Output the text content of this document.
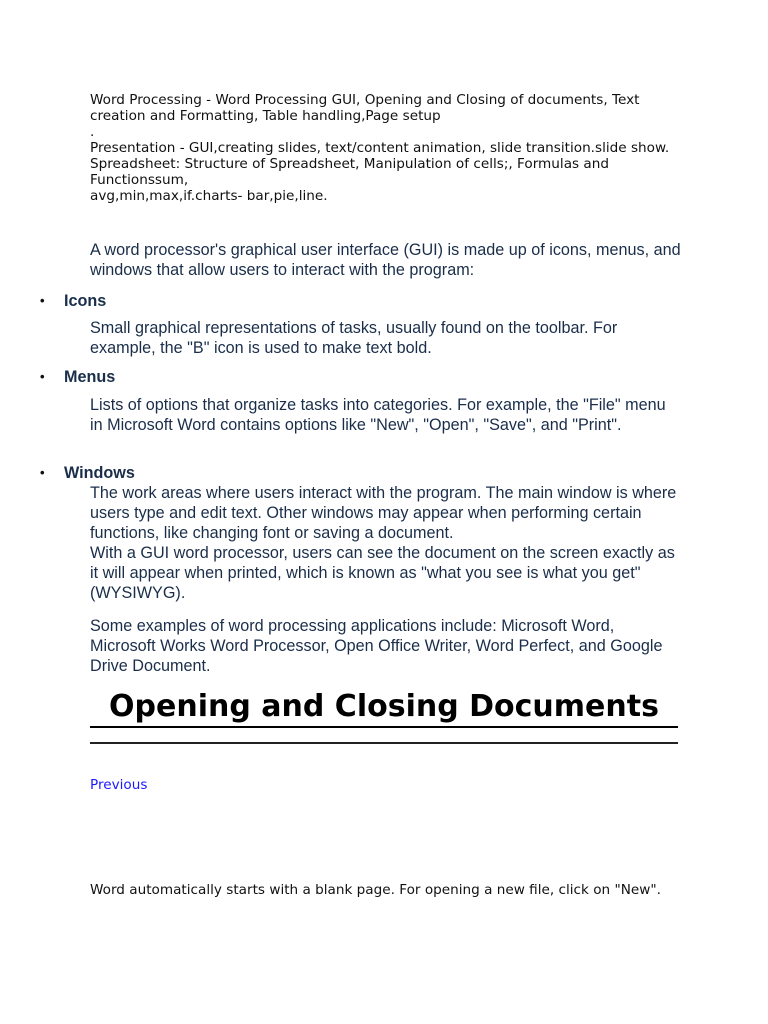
Word Processing - Word Processing GUI, Opening and Closing of documents, Text creation and Formatting, Table handling,Page setup
.
Presentation - GUI,creating slides, text/content animation, slide transition.slide show.
Spreadsheet: Structure of Spreadsheet, Manipulation of cells;, Formulas and Functionssum,
avg,min,max,if.charts- bar,pie,line.
A word processor's graphical user interface (GUI) is made up of icons, menus, and windows that allow users to interact with the program:
• Icons
Small graphical representations of tasks, usually found on the toolbar. For example, the "B" icon is used to make text bold.
• Menus
Lists of options that organize tasks into categories. For example, the "File" menu in Microsoft Word contains options like "New", "Open", "Save", and "Print".
• Windows
The work areas where users interact with the program. The main window is where users type and edit text. Other windows may appear when performing certain functions, like changing font or saving a document.
With a GUI word processor, users can see the document on the screen exactly as it will appear when printed, which is known as "what you see is what you get" (WYSIWYG).
Some examples of word processing applications include: Microsoft Word, Microsoft Works Word Processor, Open Office Writer, Word Perfect, and Google Drive Document.
Opening and Closing Documents
Previous
Word automatically starts with a blank page. For opening a new file, click on "New".
